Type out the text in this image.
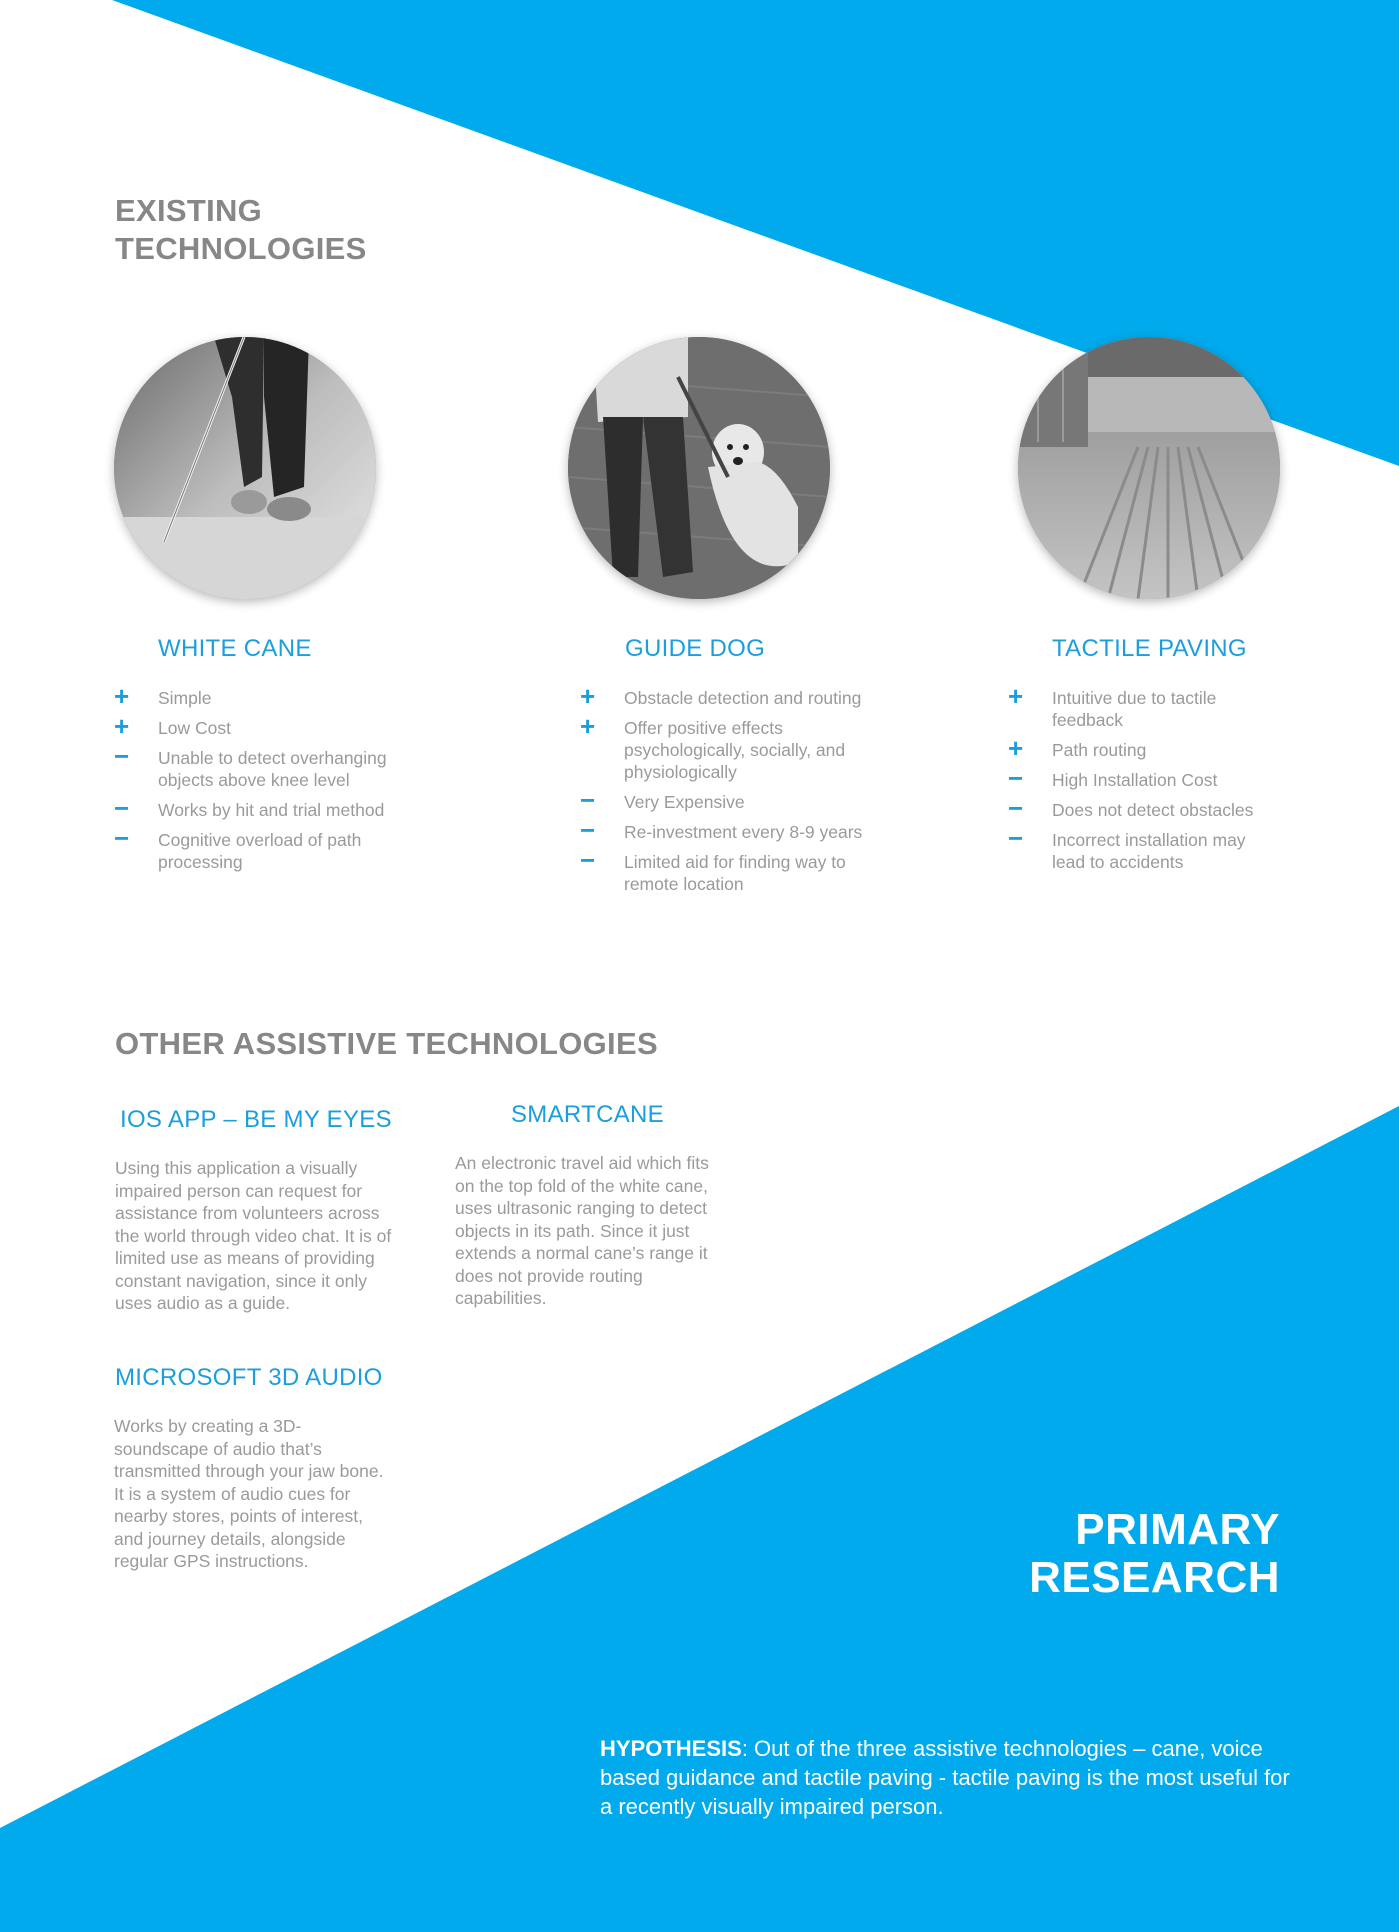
EXISTING

TECHNOLOGIES

WHITE CANE	GUIDE DOG	TACTILE PAVING

+ Simple
+ Low Cost
− Unable to detect overhanging objects above knee level
− Works by hit and trial method
− Cognitive overload of path processing
+ Obstacle detection and routing
+ Offer positive effects psychologically, socially, and physiologically
− Very Expensive
− Re-investment every 8-9 years
− Limited aid for finding way to remote location
+ Intuitive due to tactile feedback
+ Path routing
− High Installation Cost
− Does not detect obstacles
− Incorrect installation may lead to accidents

OTHER ASSISTIVE TECHNOLOGIES

IOS APP – BE MY EYES

Using this application a visually impaired person can request for assistance from volunteers across the world through video chat. It is of limited use as means of providing constant navigation, since it only uses audio as a guide.

SMARTCANE

An electronic travel aid which fits on the top fold of the white cane, uses ultrasonic ranging to detect objects in its path. Since it just extends a normal cane’s range it does not provide routing capabilities.

MICROSOFT 3D AUDIO

Works by creating a 3D-soundscape of audio that’s transmitted through your jaw bone. It is a system of audio cues for nearby stores, points of interest, and journey details, alongside regular GPS instructions.

PRIMARY

RESEARCH

HYPOTHESIS: Out of the three assistive technologies – cane, voice based guidance and tactile paving - tactile paving is the most useful for a recently visually impaired person.
